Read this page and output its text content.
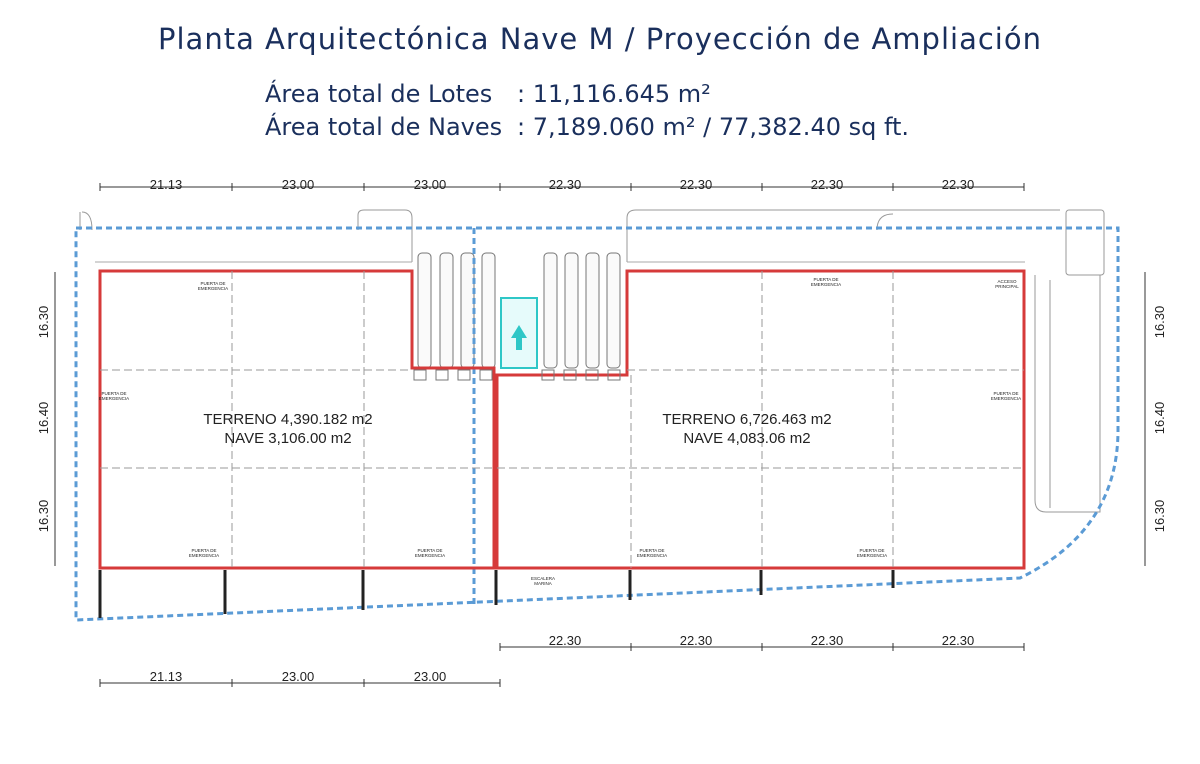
Planta Arquitectónica Nave M / Proyección de Ampliación
Área total de Lotes : 11,116.645 m²
Área total de Naves : 7,189.060 m² / 77,382.40 sq ft.
21.13	23.00	23.00	22.30	22.30	22.30	22.30
22.30	22.30	22.30	22.30
21.13	23.00	23.00
16.30
16.40
16.30
16.30
16.40
16.30
PUERTA DE
EMERGENCIA
PUERTA DE
EMERGENCIA
PUERTA DE
EMERGENCIA
PUERTA DE
EMERGENCIA
PUERTA DE
EMERGENCIA
PUERTA DE
EMERGENCIA
PUERTA DE
EMERGENCIA
PUERTA DE
EMERGENCIA
ACCESO
PRINCIPAL
ESCALERA
MARINA
TERRENO 4,390.182 m2
NAVE 3,106.00 m2
TERRENO 6,726.463 m2
NAVE 4,083.06 m2
